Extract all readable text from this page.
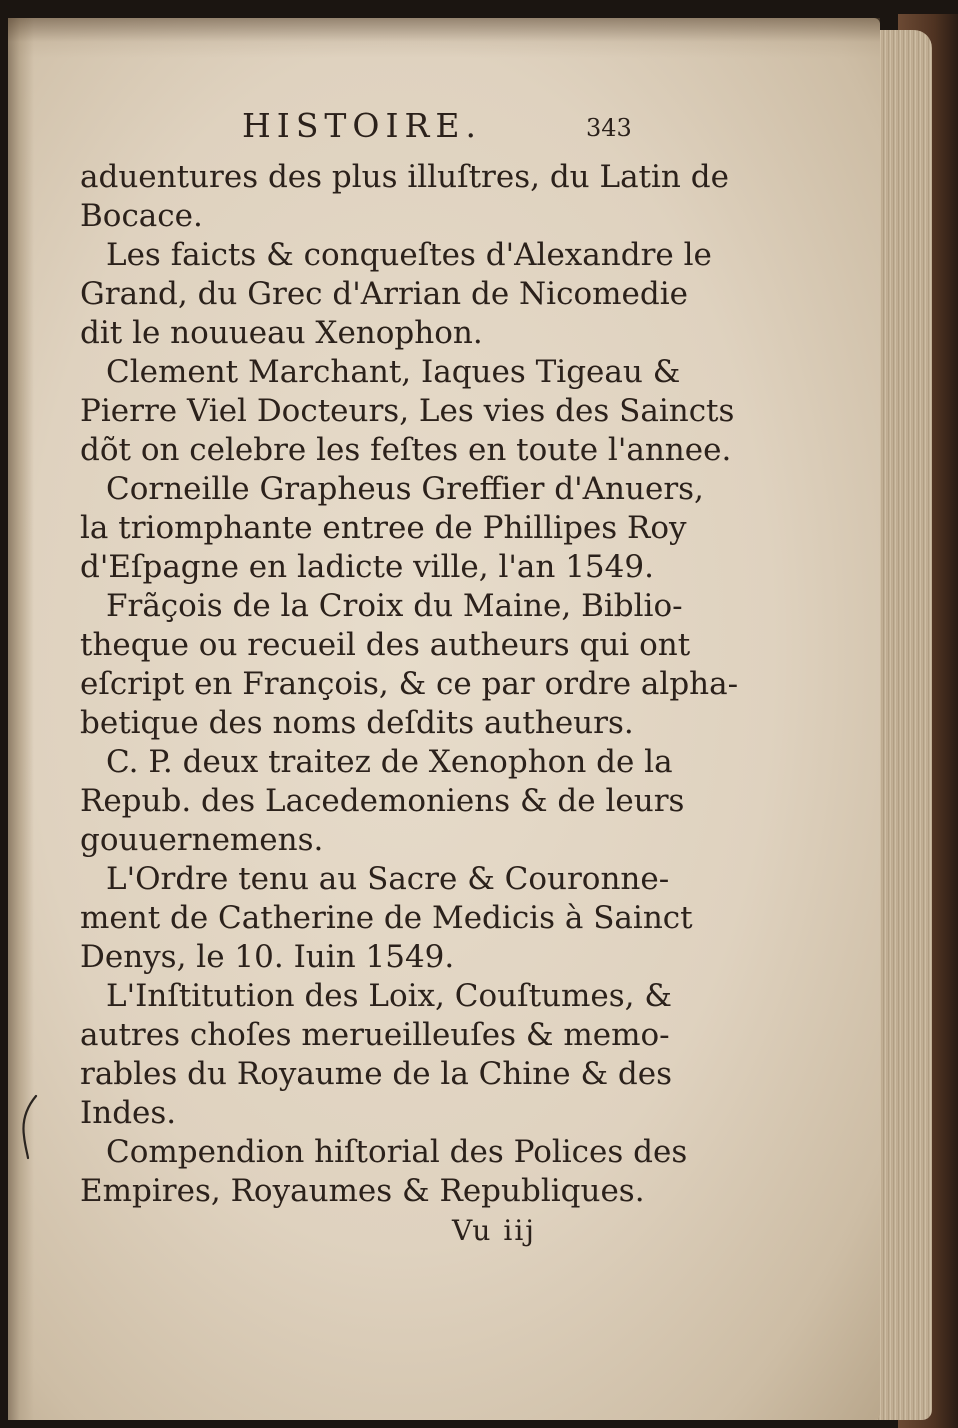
HISTOIRE.	343
aduentures des plus illuſtres, du Latin de
Bocace.
Les faicts & conqueſtes d'Alexandre le
Grand, du Grec d'Arrian de Nicomedie
dit le nouueau Xenophon.
Clement Marchant, Iaques Tigeau &
Pierre Viel Docteurs, Les vies des Saincts
dõt on celebre les feſtes en toute l'annee.
Corneille Grapheus Greffier d'Anuers,
la triomphante entree de Phillipes Roy
d'Eſpagne en ladicte ville, l'an 1549.
Frãçois de la Croix du Maine, Biblio-
theque ou recueil des autheurs qui ont
eſcript en François, & ce par ordre alpha-
betique des noms deſdits autheurs.
C. P. deux traitez de Xenophon de la
Repub. des Lacedemoniens & de leurs
gouuernemens.
L'Ordre tenu au Sacre & Couronne-
ment de Catherine de Medicis à Sainct
Denys, le 10. Iuin 1549.
L'Inſtitution des Loix, Couſtumes, &
autres choſes merueilleuſes & memo-
rables du Royaume de la Chine & des
Indes.
Compendion hiſtorial des Polices des
Empires, Royaumes & Republiques.
Vu iij
